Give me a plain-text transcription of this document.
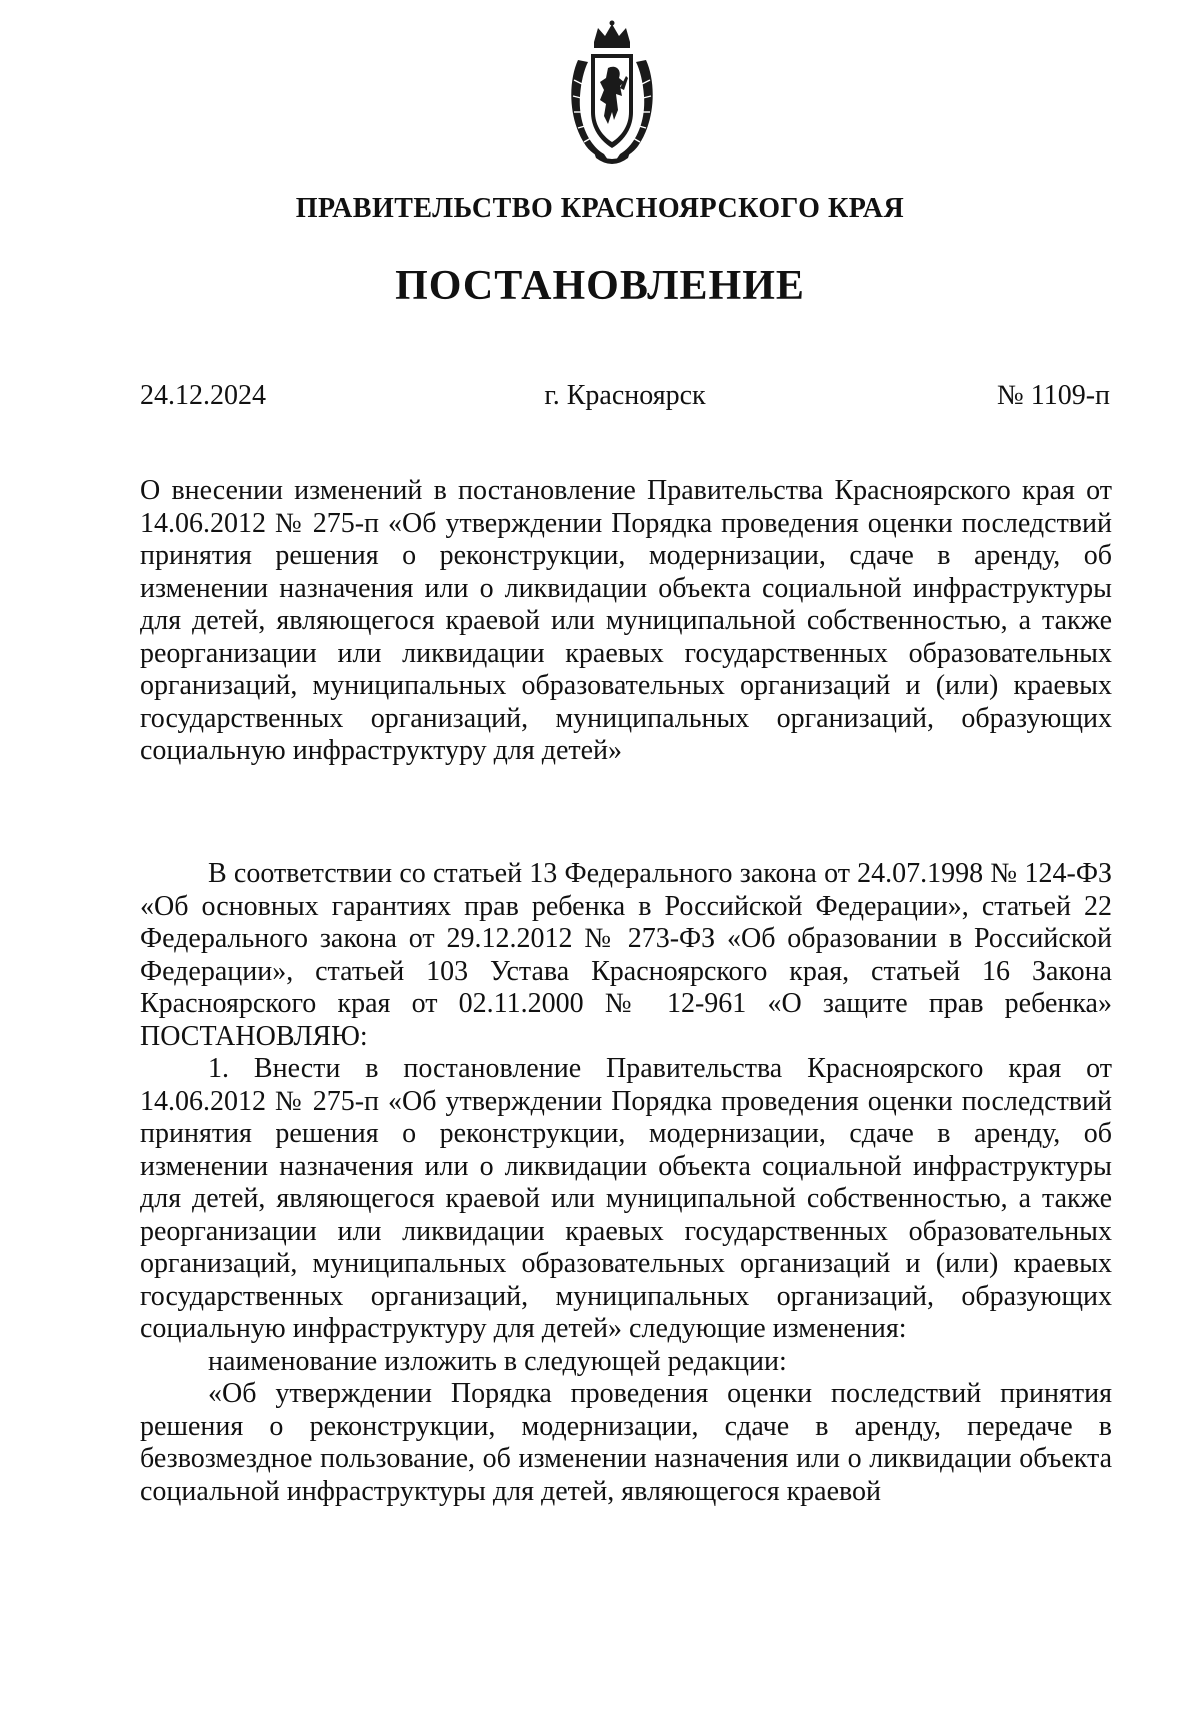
ПРАВИТЕЛЬСТВО КРАСНОЯРСКОГО КРАЯ
ПОСТАНОВЛЕНИЕ
24.12.2024	г. Красноярск	№ 1109-п
О внесении изменений в постановление Правительства Красноярского края от 14.06.2012 № 275-п «Об утверждении Порядка проведения оценки последствий принятия решения о реконструкции, модернизации, сдаче в аренду, об изменении назначения или о ликвидации объекта социальной инфраструктуры для детей, являющегося краевой или муниципальной собственностью, а также реорганизации или ликвидации краевых государственных образовательных организаций, муниципальных образовательных организаций и (или) краевых государственных организаций, муниципальных организаций, образующих социальную инфраструктуру для детей»

В соответствии со статьей 13 Федерального закона от 24.07.1998 № 124-ФЗ «Об основных гарантиях прав ребенка в Российской Федерации», статьей 22 Федерального закона от 29.12.2012 № 273-ФЗ «Об образовании в Российской Федерации», статьей 103 Устава Красноярского края, статьей 16 Закона Красноярского края от 02.11.2000 № 12-961 «О защите прав ребенка» ПОСТАНОВЛЯЮ:

1. Внести в постановление Правительства Красноярского края от 14.06.2012 № 275-п «Об утверждении Порядка проведения оценки последствий принятия решения о реконструкции, модернизации, сдаче в аренду, об изменении назначения или о ликвидации объекта социальной инфраструктуры для детей, являющегося краевой или муниципальной собственностью, а также реорганизации или ликвидации краевых государственных образовательных организаций, муниципальных образовательных организаций и (или) краевых государственных организаций, муниципальных организаций, образующих социальную инфраструктуру для детей» следующие изменения:

наименование изложить в следующей редакции:

«Об утверждении Порядка проведения оценки последствий принятия решения о реконструкции, модернизации, сдаче в аренду, передаче в безвозмездное пользование, об изменении назначения или о ликвидации объекта социальной инфраструктуры для детей, являющегося краевой
